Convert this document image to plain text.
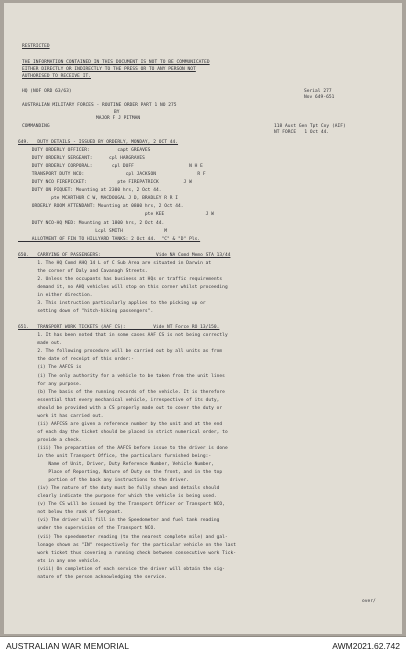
RESTRICTED
THE INFORMATION CONTAINED IN THIS DOCUMENT IS NOT TO BE COMMUNICATED
EITHER DIRECTLY OR INDIRECTLY TO THE PRESS OR TO ANY PERSON NOT
AUTHORISED TO RECEIVE IT.
HQ (NOF ORD 63/63)	Serial 277
Nov 649-651
AUSTRALIAN MILITARY FORCES - ROUTINE ORDER PART 1 NO 275
BY
MAJOR F J PITMAN
COMMANDING	118 Aust Gen Tpt Coy (AIF)
NT FORCE   1 Oct 44.
649.   DUTY DETAILS - ISSUED BY ORDERLY, MONDAY, 2 OCT 44.
DUTY ORDERLY OFFICER:          capt GREAVES
DUTY ORDERLY SERGEANT:      cpl HARGRAVES
DUTY ORDERLY CORPORAL:       cpl DUFF                    N H E
TRANSPORT DUTY NCO:               cpl JACKSON               R F
DUTY NCO FIREPICKET:           pte FIREPATRICK         J W
DUTY ON PIQUET: Mounting at 2300 hrs, 2 Oct 44.
pte MCARTHUR C W, MACDOUGAL J D, BRADLEY R R I
ORDERLY ROOM ATTENDANT: Mounting at 0800 hrs, 2 Oct 44.
pte KEE               J W
DUTY NCO-HQ MED: Mounting at 1800 hrs, 2 Oct 44.
Lcpl SMITH               M
ALLOTMENT OF FIN TO HILLYARD TANKS: 2 Oct 44.  "C" & "D" Pls.
650.   CARRYING OF PASSENGERS:                    Vide NA Comd Memo STA 13/44
1. The HQ Comd AHQ 14 L of C Sub Area are situated in Darwin at
the corner of Daly and Cavanagh Streets.
2. Unless the occupants has business at HQs or traffic requirements
demand it, no AHQ vehicles will stop on this corner whilst proceeding
in either direction.
3. This instruction particularly applies to the picking up or
setting down of "hitch-hiking passengers".
651.   TRANSPORT WORK TICKETS (AAF CS):          Vide NT Force RO 13/150.
1. It has been noted that in some cases AAF CS is not being correctly
made out.
2. The following procedure will be carried out by all units as from
the date of receipt of this order:-
(i) The AAFCS is
(i) The only authority for a vehicle to be taken from the unit lines
for any purpose.
(b) The basis of the running records of the vehicle. It is therefore
essential that every mechanical vehicle, irrespective of its duty,
should be provided with a CS properly made out to cover the duty or
work it has carried out.
(ii) AAFCSS are given a reference number by the unit and at the end
of each day the ticket should be placed in strict numerical order, to
provide a check.
(iii) The preparation of the AAFCS before issue to the driver is done
in the unit Transport Office, the particulars furnished being:-
Name of Unit, Driver, Duty Reference Number, Vehicle Number,
Place of Reporting, Nature of Duty on the front, and in the top
portion of the back any instructions to the driver.
(iv) The nature of the duty must be fully shown and details should
clearly indicate the purpose for which the vehicle is being used.
(v) The CS will be issued by the Transport Officer or Transport NCO,
not below the rank of Sergeant.
(vi) The driver will fill in the Speedometer and fuel tank reading
under the supervision of the Transport NCO.
(vii) The speedometer reading (to the nearest complete mile) and gal-
lonage shown as "IN" respectively for the particular vehicle on the last
work ticket thus covering a running check between consecutive work Tick-
ets in any one vehicle.
(viii) On completion of each service the driver will obtain the sig-
nature of the person acknowledging the service.
over/
AUSTRALIAN WAR MEMORIAL	AWM2021.62.742
